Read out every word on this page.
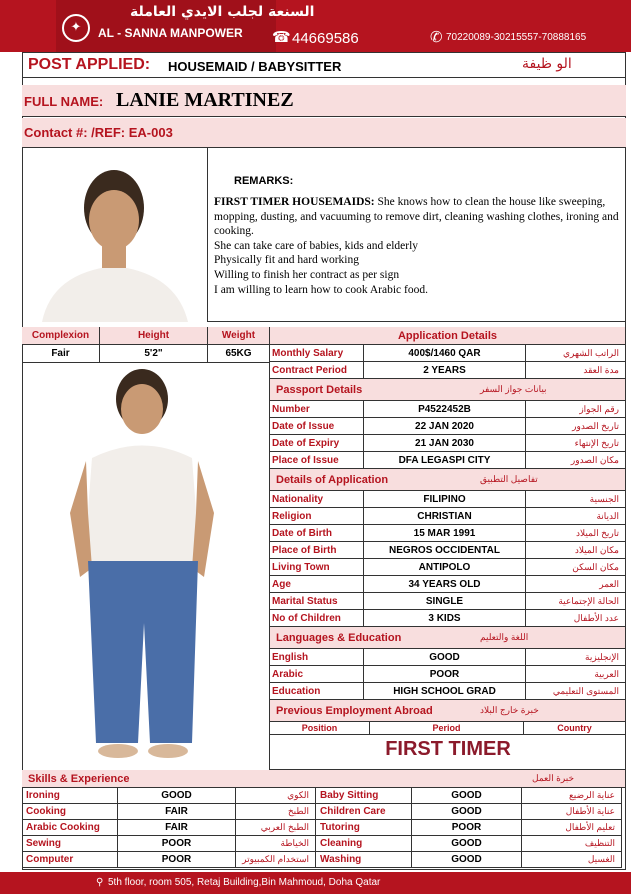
✦
السنعة لجلب الايدي العاملة
AL - SANNA MANPOWER ☎ 44669586	✆ 70220089-30215557-70888165
POST APPLIED: HOUSEMAID / BABYSITTER	الو ظيفة
FULL NAME: LANIE MARTINEZ
Contact #: /REF: EA-003
REMARKS:
FIRST TIMER HOUSEMAIDS: She knows how to clean the house like sweeping, mopping, dusting, and vacuuming to remove dirt, cleaning washing clothes, ironing and cooking.
She can take care of babies, kids and elderly
Physically fit and hard working
Willing to finish her contract as per sign
I am willing to learn how to cook Arabic food.
Complexion	Height	Weight
Fair	5'2"	65KG
Application Details
Monthly Salary	400$/1460 QAR	الراتب الشهري
Contract Period	2 YEARS	مدة العقد
Passport Details	بيانات جواز السفر
Number	P4522452B	رقم الجواز
Date of Issue	22 JAN 2020	تاريخ الصدور
Date of Expiry	21 JAN 2030	تاريخ الإنتهاء
Place of Issue	DFA LEGASPI CITY	مكان الصدور
Details of Application	تفاصيل التطبيق
Nationality	FILIPINO	الجنسية
Religion	CHRISTIAN	الديانة
Date of Birth	15 MAR 1991	تاريخ الميلاد
Place of Birth	NEGROS OCCIDENTAL	مكان الميلاد
Living Town	ANTIPOLO	مكان السكن
Age	34 YEARS OLD	العمر
Marital Status	SINGLE	الحالة الإجتماعية
No of Children	3 KIDS	عدد الأطفال
Languages & Education	اللغة والتعليم
English	GOOD	الإنجليزية
Arabic	POOR	العربية
Education	HIGH SCHOOL GRAD	المستوى التعليمي
Previous Employment Abroad	خبرة خارج البلاد
Position	Period	Country
FIRST TIMER
Skills & Experience	خبرة العمل
Ironing	GOOD	الكوي	Baby Sitting	GOOD	عناية الرضيع
Cooking	FAIR	الطبخ	Children Care	GOOD	عناية الأطفال
Arabic Cooking	FAIR	الطبخ العربي	Tutoring	POOR	تعليم الأطفال
Sewing	POOR	الخياطة	Cleaning	GOOD	التنظيف
Computer	POOR	استخدام الكمبيوتر	Washing	GOOD	الغسيل
⚲ 5th floor, room 505, Retaj Building,Bin Mahmoud, Doha Qatar
